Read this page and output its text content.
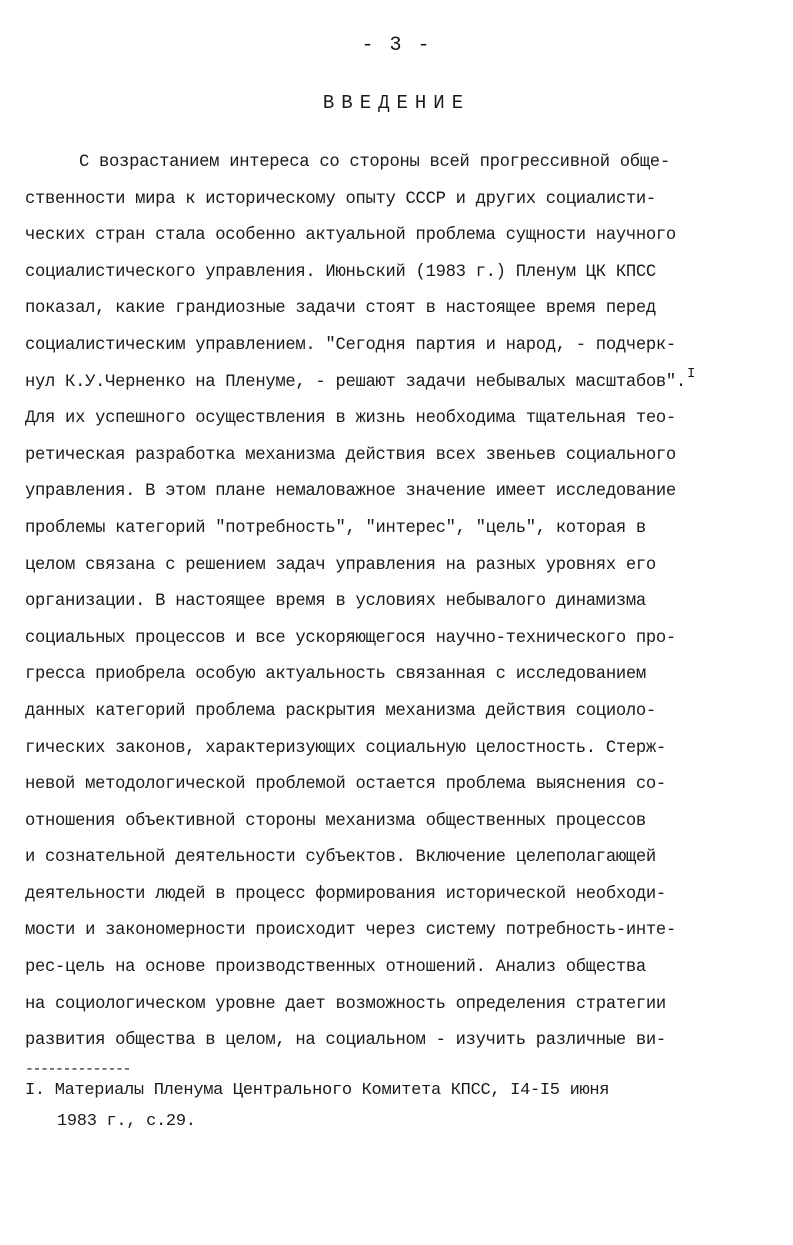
- 3 -
ВВЕДЕНИЕ
С возрастанием интереса со стороны всей прогрессивной обще-
ственности мира к историческому опыту СССР и других социалисти-
ческих стран стала особенно актуальной проблема сущности научного
социалистического управления. Июньский (1983 г.) Пленум ЦК КПСС
показал, какие грандиозные задачи стоят в настоящее время перед
социалистическим управлением. "Сегодня партия и народ, - подчерк-
нул К.У.Черненко на Пленуме, - решают задачи небывалых масштабов".$^I$
Для их успешного осуществления в жизнь необходима тщательная тео-
ретическая разработка механизма действия всех звеньев социального
управления. В этом плане немаловажное значение имеет исследование
проблемы категорий "потребность", "интерес", "цель", которая в
целом связана с решением задач управления на разных уровнях его
организации. В настоящее время в условиях небывалого динамизма
социальных процессов и все ускоряющегося научно-технического про-
гресса приобрела особую актуальность связанная с исследованием
данных категорий проблема раскрытия механизма действия социоло-
гических законов, характеризующих социальную целостность. Стерж-
невой методологической проблемой остается проблема выяснения со-
отношения объективной стороны механизма общественных процессов
и сознательной деятельности субъектов. Включение целеполагающей
деятельности людей в процесс формирования исторической необходи-
мости и закономерности происходит через систему потребность-инте-
рес-цель на основе производственных отношений. Анализ общества
на социологическом уровне дает возможность определения стратегии
развития общества в целом, на социальном - изучить различные ви-
--------------
I. Материалы Пленума Центрального Комитета КПСС, I4-I5 июня
1983 г., с.29.
